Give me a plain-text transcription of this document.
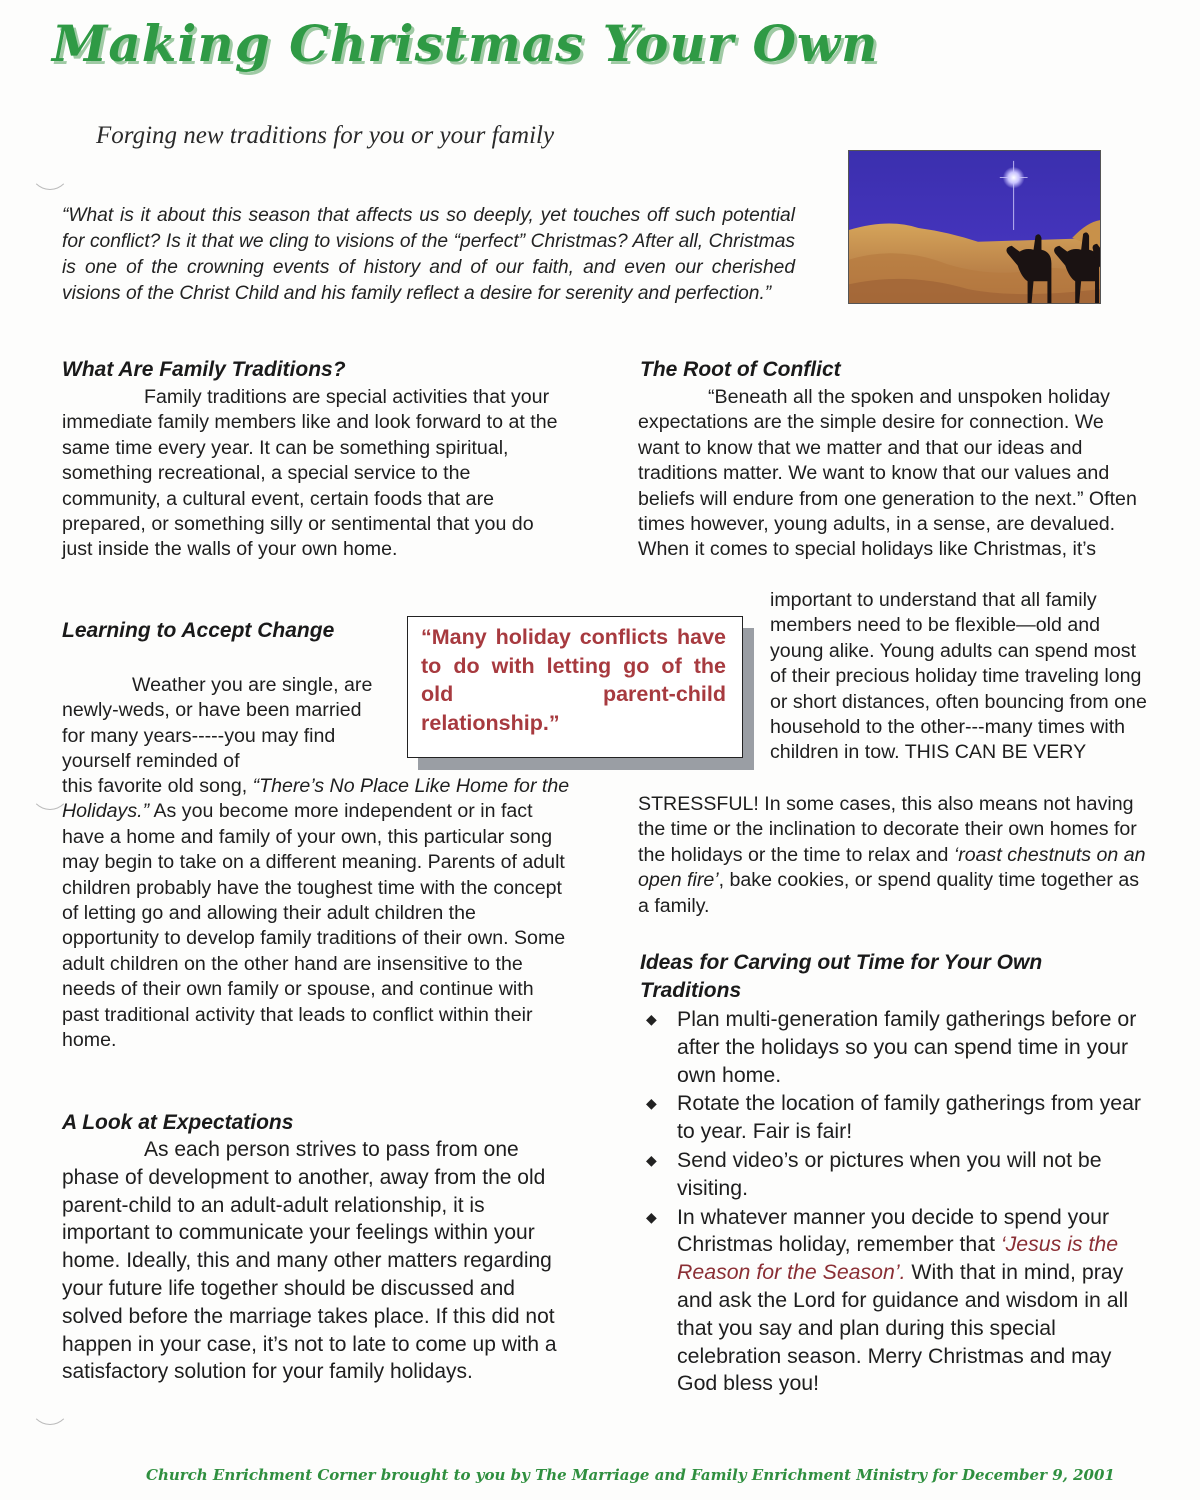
Making Christmas Your Own
Forging new traditions for you or your family
“What is it about this season that affects us so deeply, yet touches off such potential for conflict? Is it that we cling to visions of the “perfect” Christmas? After all, Christmas is one of the crowning events of history and of our faith, and even our cherished visions of the Christ Child and his family reflect a desire for serenity and perfection.”
What Are Family Traditions?
Family traditions are special activities that your immediate family members like and look forward to at the same time every year. It can be something spiritual, something recreational, a special service to the community, a cultural event, certain foods that are prepared, or something silly or sentimental that you do just inside the walls of your own home.
Learning to Accept Change
Weather you are single, are newly-weds, or have been married for many years-----you may find yourself reminded of
this favorite old song, “There’s No Place Like Home for the Holidays.” As you become more independent or in fact have a home and family of your own, this particular song may begin to take on a different meaning. Parents of adult children probably have the toughest time with the concept of letting go and allowing their adult children the opportunity to develop family traditions of their own. Some adult children on the other hand are insensitive to the needs of their own family or spouse, and continue with past traditional activity that leads to conflict within their home.
“Many holiday conflicts have to do with letting go of the old parent-child relationship.”
A Look at Expectations
As each person strives to pass from one phase of development to another, away from the old parent-child to an adult-adult relationship, it is important to communicate your feelings within your home. Ideally, this and many other matters regarding your future life together should be discussed and solved before the marriage takes place. If this did not happen in your case, it’s not to late to come up with a satisfactory solution for your family holidays.
The Root of Conflict
“Beneath all the spoken and unspoken holiday expectations are the simple desire for connection. We want to know that we matter and that our ideas and traditions matter. We want to know that our values and beliefs will endure from one generation to the next.” Often times however, young adults, in a sense, are devalued. When it comes to special holidays like Christmas, it’s
important to understand that all family members need to be flexible—old and young alike. Young adults can spend most of their precious holiday time traveling long or short distances, often bouncing from one household to the other---many times with children in tow. THIS CAN BE VERY
STRESSFUL! In some cases, this also means not having the time or the inclination to decorate their own homes for the holidays or the time to relax and ‘roast chestnuts on an open fire’, bake cookies, or spend quality time together as a family.
Ideas for Carving out Time for Your Own Traditions
◆ Plan multi-generation family gatherings before or after the holidays so you can spend time in your own home.
◆ Rotate the location of family gatherings from year to year. Fair is fair!
◆ Send video’s or pictures when you will not be visiting.
◆ In whatever manner you decide to spend your Christmas holiday, remember that ‘Jesus is the Reason for the Season’. With that in mind, pray and ask the Lord for guidance and wisdom in all that you say and plan during this special celebration season. Merry Christmas and may God bless you!
Church Enrichment Corner brought to you by The Marriage and Family Enrichment Ministry for December 9, 2001
